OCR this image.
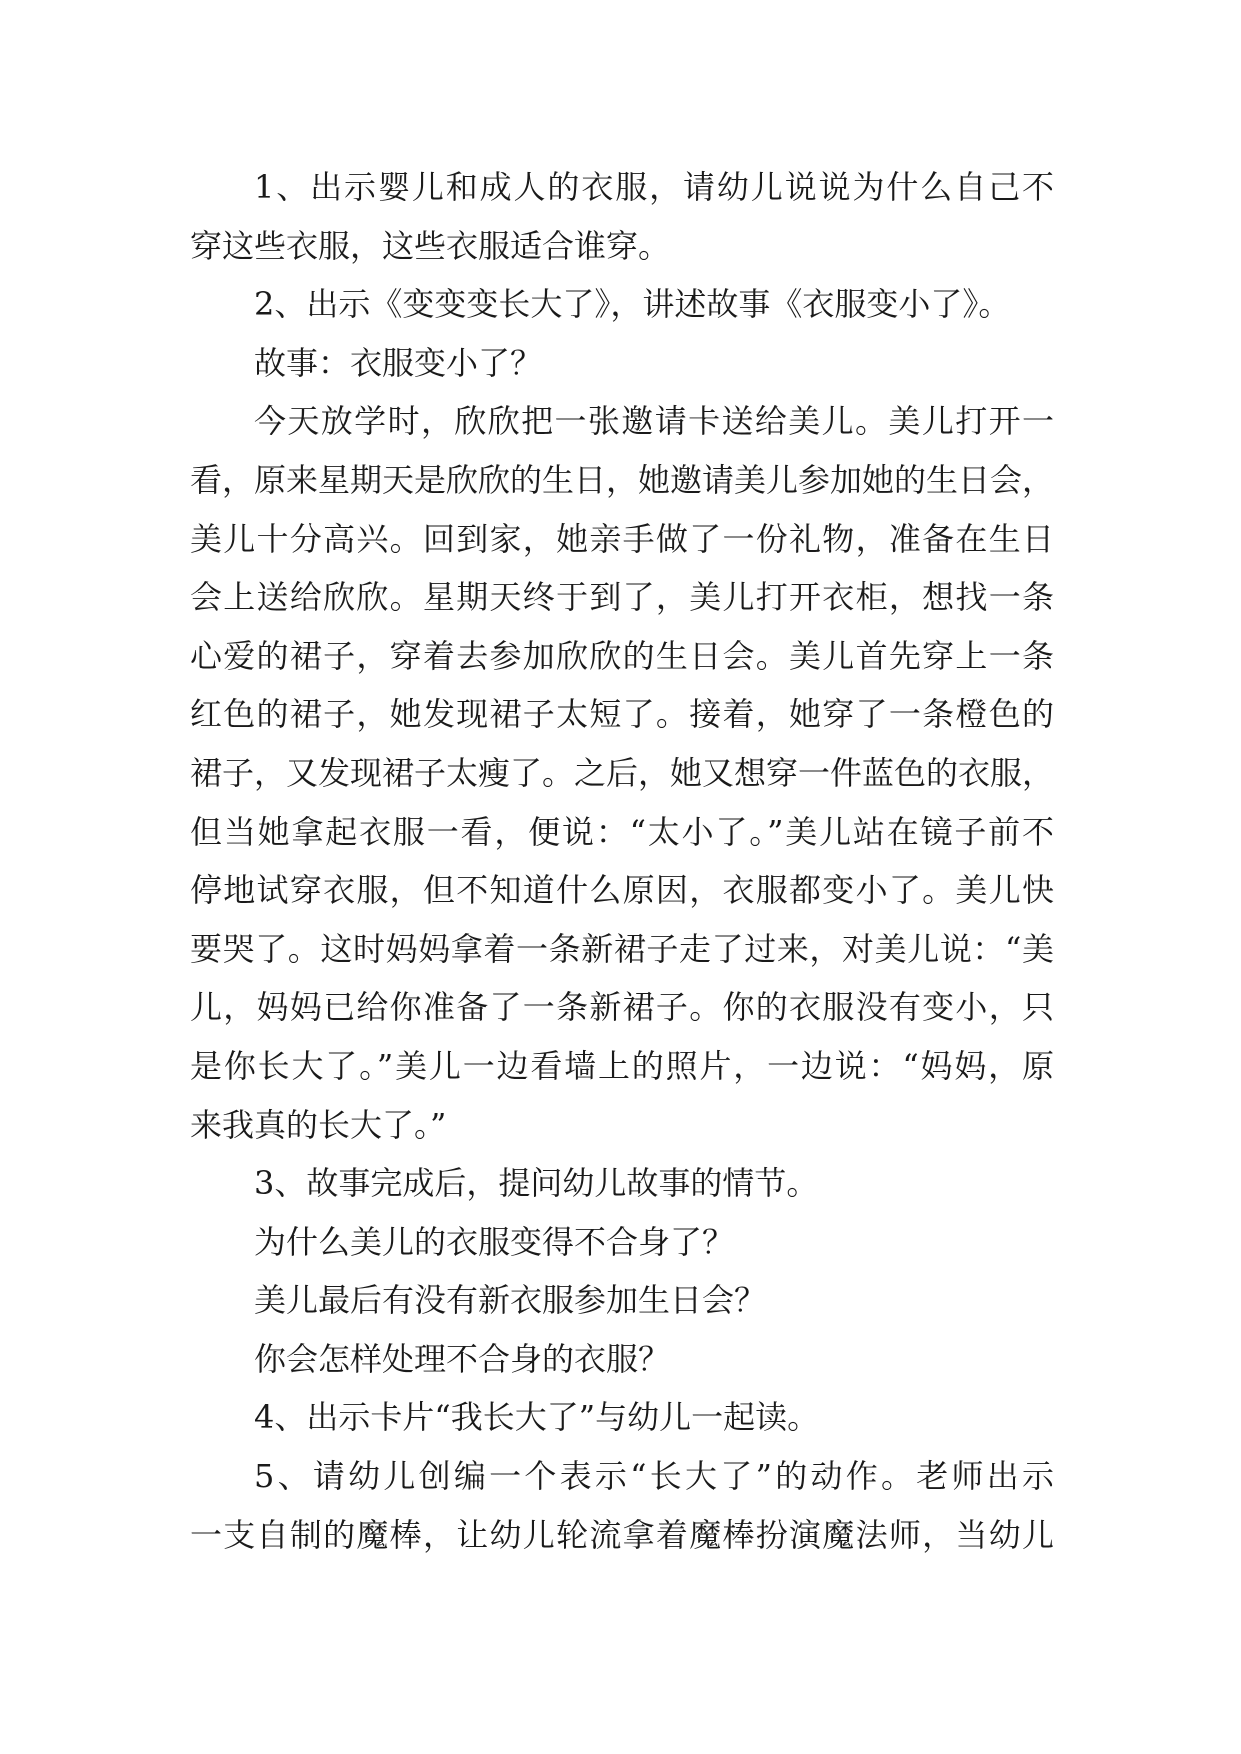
1、出示婴儿和成人的衣服，请幼儿说说为什么自己不
穿这些衣服，这些衣服适合谁穿。
2、出示《变变变长大了》，讲述故事《衣服变小了》。
故事：衣服变小了？
今天放学时，欣欣把一张邀请卡送给美儿。美儿打开一
看，原来星期天是欣欣的生日，她邀请美儿参加她的生日会，
美儿十分高兴。回到家，她亲手做了一份礼物，准备在生日
会上送给欣欣。星期天终于到了，美儿打开衣柜，想找一条
心爱的裙子，穿着去参加欣欣的生日会。美儿首先穿上一条
红色的裙子，她发现裙子太短了。接着，她穿了一条橙色的
裙子，又发现裙子太瘦了。之后，她又想穿一件蓝色的衣服，
但当她拿起衣服一看，便说：“太小了。”美儿站在镜子前不
停地试穿衣服，但不知道什么原因，衣服都变小了。美儿快
要哭了。这时妈妈拿着一条新裙子走了过来，对美儿说：“美
儿，妈妈已给你准备了一条新裙子。你的衣服没有变小，只
是你长大了。”美儿一边看墙上的照片，一边说：“妈妈，原
来我真的长大了。”
3、故事完成后，提问幼儿故事的情节。
为什么美儿的衣服变得不合身了？
美儿最后有没有新衣服参加生日会？
你会怎样处理不合身的衣服？
4、出示卡片“我长大了”与幼儿一起读。
5、请幼儿创编一个表示“长大了”的动作。老师出示
一支自制的魔棒，让幼儿轮流拿着魔棒扮演魔法师，当幼儿
